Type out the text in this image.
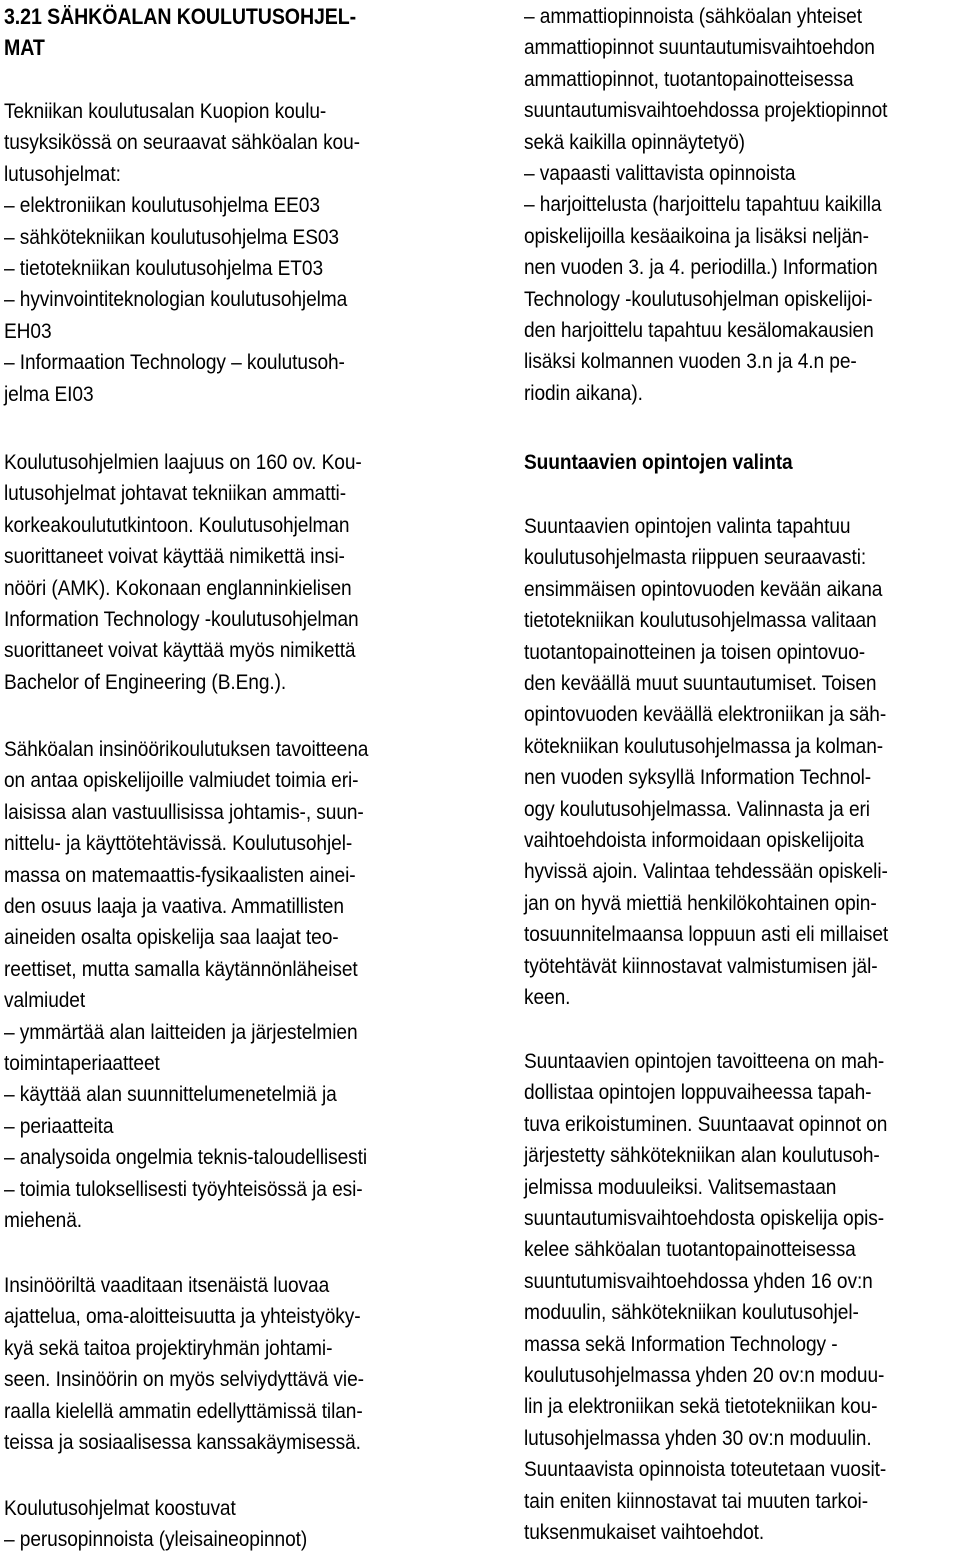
3.21 SÄHKÖALAN KOULUTUSOHJEL-
MAT
Tekniikan koulutusalan Kuopion koulu-
tusyksikössä on seuraavat sähköalan kou-
lutusohjelmat:
– elektroniikan koulutusohjelma EE03
– sähkötekniikan koulutusohjelma ES03
– tietotekniikan koulutusohjelma ET03
– hyvinvointiteknologian koulutusohjelma
EH03
– Informaation Technology – koulutusoh-
jelma EI03
Koulutusohjelmien laajuus on 160 ov. Kou-
lutusohjelmat johtavat tekniikan ammatti-
korkeakoulututkintoon. Koulutusohjelman
suorittaneet voivat käyttää nimikettä insi-
nööri (AMK). Kokonaan englanninkielisen
Information Technology -koulutusohjelman
suorittaneet voivat käyttää myös nimikettä
Bachelor of Engineering (B.Eng.).
Sähköalan insinöörikoulutuksen tavoitteena
on antaa opiskelijoille valmiudet toimia eri-
laisissa alan vastuullisissa johtamis-, suun-
nittelu- ja käyttötehtävissä. Koulutusohjel-
massa on matemaattis-fysikaalisten ainei-
den osuus laaja ja vaativa. Ammatillisten
aineiden osalta opiskelija saa laajat teo-
reettiset, mutta samalla käytännönläheiset
valmiudet
– ymmärtää alan laitteiden ja järjestelmien
toimintaperiaatteet
– käyttää alan suunnittelumenetelmiä ja
– periaatteita
– analysoida ongelmia teknis-taloudellisesti
– toimia tuloksellisesti työyhteisössä ja esi-
miehenä.
Insinööriltä vaaditaan itsenäistä luovaa
ajattelua, oma-aloitteisuutta ja yhteistyöky-
kyä sekä taitoa projektiryhmän johtami-
seen. Insinöörin on myös selviydyttävä vie-
raalla kielellä ammatin edellyttämissä tilan-
teissa ja sosiaalisessa kanssakäymisessä.
Koulutusohjelmat koostuvat
– perusopinnoista (yleisaineopinnot)
– ammattiopinnoista (sähköalan yhteiset
ammattiopinnot suuntautumisvaihtoehdon
ammattiopinnot, tuotantopainotteisessa
suuntautumisvaihtoehdossa projektiopinnot
sekä kaikilla opinnäytetyö)
– vapaasti valittavista opinnoista
– harjoittelusta (harjoittelu tapahtuu kaikilla
opiskelijoilla kesäaikoina ja lisäksi neljän-
nen vuoden 3. ja 4. periodilla.) Information
Technology -koulutusohjelman opiskelijoi-
den harjoittelu tapahtuu kesälomakausien
lisäksi kolmannen vuoden 3.n ja 4.n pe-
riodin aikana).
Suuntaavien opintojen valinta
Suuntaavien opintojen valinta tapahtuu
koulutusohjelmasta riippuen seuraavasti:
ensimmäisen opintovuoden kevään aikana
tietotekniikan koulutusohjelmassa valitaan
tuotantopainotteinen ja toisen opintovuo-
den keväällä muut suuntautumiset. Toisen
opintovuoden keväällä elektroniikan ja säh-
kötekniikan koulutusohjelmassa ja kolman-
nen vuoden syksyllä Information Technol-
ogy koulutusohjelmassa. Valinnasta ja eri
vaihtoehdoista informoidaan opiskelijoita
hyvissä ajoin. Valintaa tehdessään opiskeli-
jan on hyvä miettiä henkilökohtainen opin-
tosuunnitelmaansa loppuun asti eli millaiset
työtehtävät kiinnostavat valmistumisen jäl-
keen.
Suuntaavien opintojen tavoitteena on mah-
dollistaa opintojen loppuvaiheessa tapah-
tuva erikoistuminen. Suuntaavat opinnot on
järjestetty sähkötekniikan alan koulutusoh-
jelmissa moduuleiksi. Valitsemastaan
suuntautumisvaihtoehdosta opiskelija opis-
kelee sähköalan tuotantopainotteisessa
suuntutumisvaihtoehdossa yhden 16 ov:n
moduulin, sähkötekniikan koulutusohjel-
massa sekä Information Technology -
koulutusohjelmassa yhden 20 ov:n moduu-
lin ja elektroniikan sekä tietotekniikan kou-
lutusohjelmassa yhden 30 ov:n moduulin.
Suuntaavista opinnoista toteutetaan vuosit-
tain eniten kiinnostavat tai muuten tarkoi-
tuksenmukaiset vaihtoehdot.
